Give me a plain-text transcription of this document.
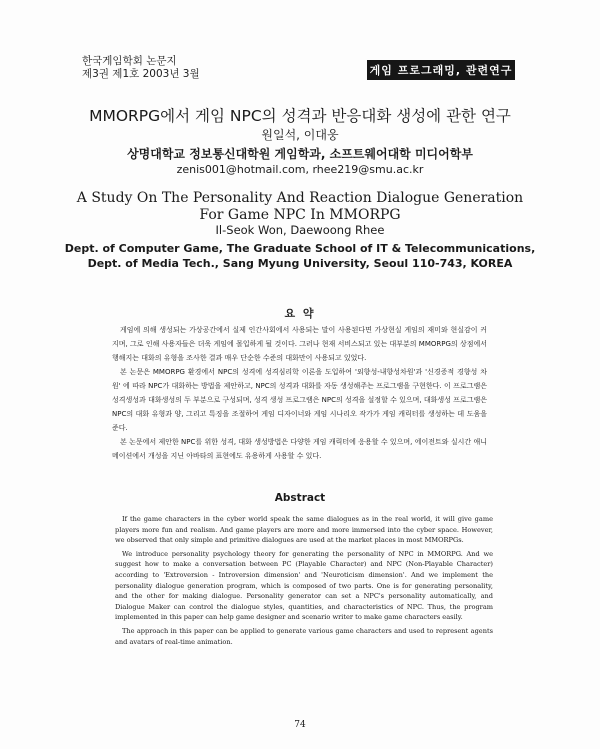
한국게임학회 논문지
제3권 제1호 2003년 3월	게임 프로그래밍, 관련연구
MMORPG에서 게임 NPC의 성격과 반응대화 생성에 관한 연구
원일석, 이대웅
상명대학교 정보통신대학원 게임학과, 소프트웨어대학 미디어학부
zenis001@hotmail.com, rhee219@smu.ac.kr
A Study On The Personality And Reaction Dialogue Generation
For Game NPC In MMORPG
Il-Seok Won, Daewoong Rhee
Dept. of Computer Game, The Graduate School of IT & Telecommunications,
Dept. of Media Tech., Sang Myung University, Seoul 110-743, KOREA
요 약

게임에 의해 생성되는 가상공간에서 실제 인간사회에서 사용되는 말이 사용된다면 가상현실 게임의 재미와 현실감이 커지며, 그로 인해 사용자들은 더욱 게임에 몰입하게 될 것이다. 그러나 현재 서비스되고 있는 대부분의 MMORPG의 상점에서 행해지는 대화의 유형을 조사한 결과 매우 단순한 수준의 대화만이 사용되고 있었다.

본 논문은 MMORPG 환경에서 NPC의 성격에 성격심리학 이론을 도입하여 '외향성-내향성차원'과 '신경증적 경향성 차원' 에 따라 NPC가 대화하는 방법을 제안하고, NPC의 성격과 대화를 자동 생성해주는 프로그램을 구현한다. 이 프로그램은 성격생성과 대화생성의 두 부분으로 구성되며, 성격 생성 프로그램은 NPC의 성격을 설정할 수 있으며, 대화생성 프로그램은 NPC의 대화 유형과 양, 그리고 특징을 조절하여 게임 디자이너와 게임 시나리오 작가가 게임 캐릭터를 생성하는 데 도움을 준다.

본 논문에서 제안한 NPC를 위한 성격, 대화 생성방법은 다양한 게임 캐릭터에 응용할 수 있으며, 에이전트와 실시간 애니메이션에서 개성을 지닌 아바타의 표현에도 유용하게 사용할 수 있다.

Abstract

If the game characters in the cyber world speak the same dialogues as in the real world, it will give game players more fun and realism. And game players are more and more immersed into the cyber space. However, we observed that only simple and primitive dialogues are used at the market places in most MMORPGs.

We introduce personality psychology theory for generating the personality of NPC in MMORPG. And we suggest how to make a conversation between PC (Playable Character) and NPC (Non-Playable Character) according to 'Extroversion - Introversion dimension' and 'Neuroticism dimension'. And we implement the personality dialogue generation program, which is composed of two parts. One is for generating personality, and the other for making dialogue. Personality generator can set a NPC's personality automatically, and Dialogue Maker can control the dialogue styles, quantities, and characteristics of NPC. Thus, the program implemented in this paper can help game designer and scenario writer to make game characters easily.

The approach in this paper can be applied to generate various game characters and used to represent agents and avatars of real-time animation.

74
